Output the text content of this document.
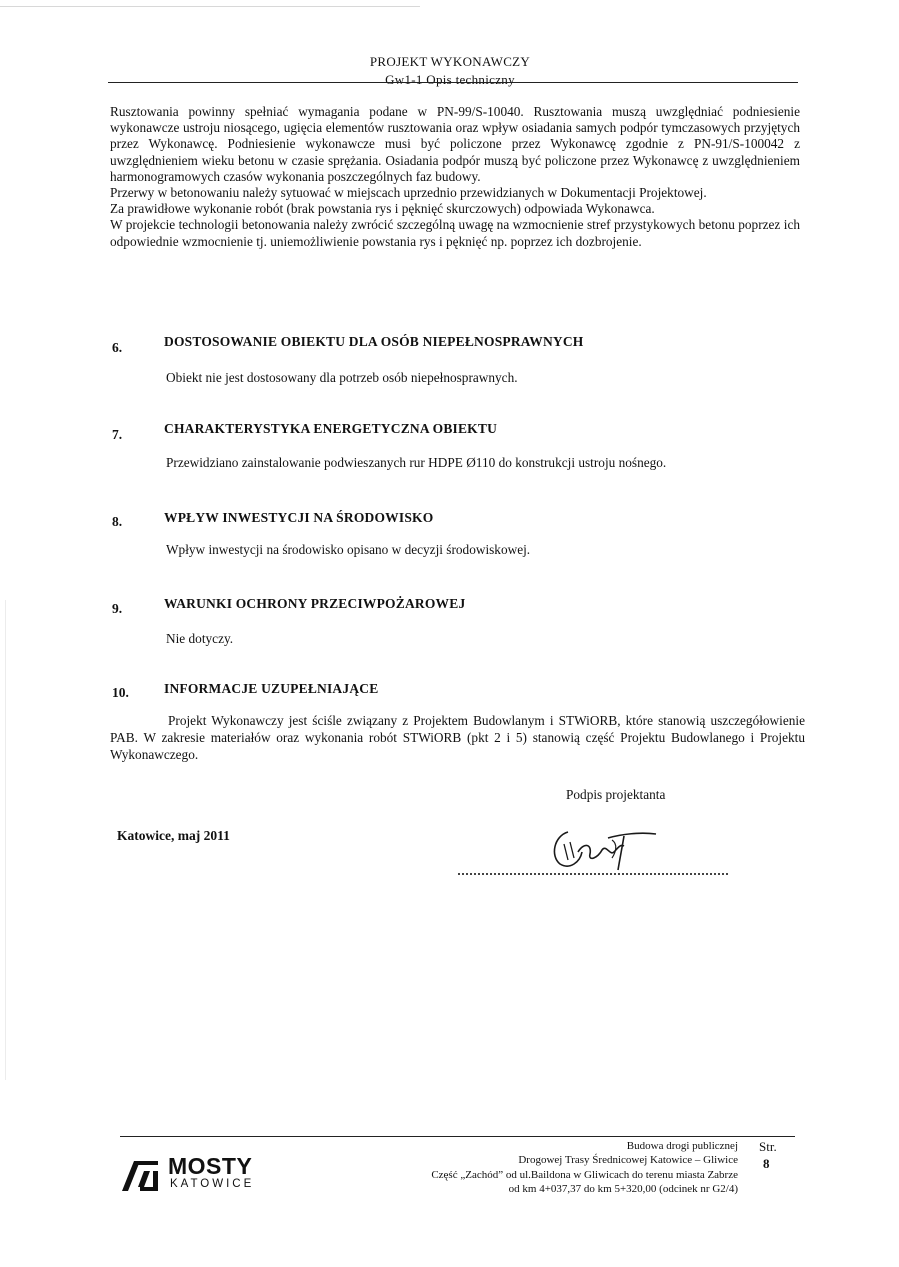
PROJEKT WYKONAWCZY
Gw1-1 Opis techniczny

Rusztowania powinny spełniać wymagania podane w PN-99/S-10040. Rusztowania muszą uwzględniać podniesienie wykonawcze ustroju niosącego, ugięcia elementów rusztowania oraz wpływ osiadania samych podpór tymczasowych przyjętych przez Wykonawcę. Podniesienie wykonawcze musi być policzone przez Wykonawcę zgodnie z PN-91/S-100042 z uwzględnieniem wieku betonu w czasie sprężania. Osiadania podpór muszą być policzone przez Wykonawcę z uwzględnieniem harmonogramowych czasów wykonania poszczególnych faz budowy.

Przerwy w betonowaniu należy sytuować w miejscach uprzednio przewidzianych w Dokumentacji Projektowej.

Za prawidłowe wykonanie robót (brak powstania rys i pęknięć skurczowych) odpowiada Wykonawca.

W projekcie technologii betonowania należy zwrócić szczególną uwagę na wzmocnienie stref przystykowych betonu poprzez ich odpowiednie wzmocnienie tj. uniemożliwienie powstania rys i pęknięć np. poprzez ich dozbrojenie.

6.	DOSTOSOWANIE OBIEKTU DLA OSÓB NIEPEŁNOSPRAWNYCH
Obiekt nie jest dostosowany dla potrzeb osób niepełnosprawnych.
7.	CHARAKTERYSTYKA ENERGETYCZNA OBIEKTU
Przewidziano zainstalowanie podwieszanych rur HDPE Ø110 do konstrukcji ustroju nośnego.
8.	WPŁYW INWESTYCJI NA ŚRODOWISKO
Wpływ inwestycji na środowisko opisano w decyzji środowiskowej.
9.	WARUNKI OCHRONY PRZECIWPOŻAROWEJ
Nie dotyczy.
10.	INFORMACJE UZUPEŁNIAJĄCE

Projekt Wykonawczy jest ściśle związany z Projektem Budowlanym i STWiORB, które stanowią uszczegółowienie PAB. W zakresie materiałów oraz wykonania robót STWiORB (pkt 2 i 5) stanowią część Projektu Budowlanego i Projektu Wykonawczego.

Podpis projektanta
Katowice, maj 2011
MOSTY
KATOWICE
Budowa drogi publicznej
Drogowej Trasy Średnicowej Katowice – Gliwice
Część „Zachód” od ul.Baildona w Gliwicach do terenu miasta Zabrze
od km 4+037,37 do km 5+320,00 (odcinek nr G2/4)
Str.
8
